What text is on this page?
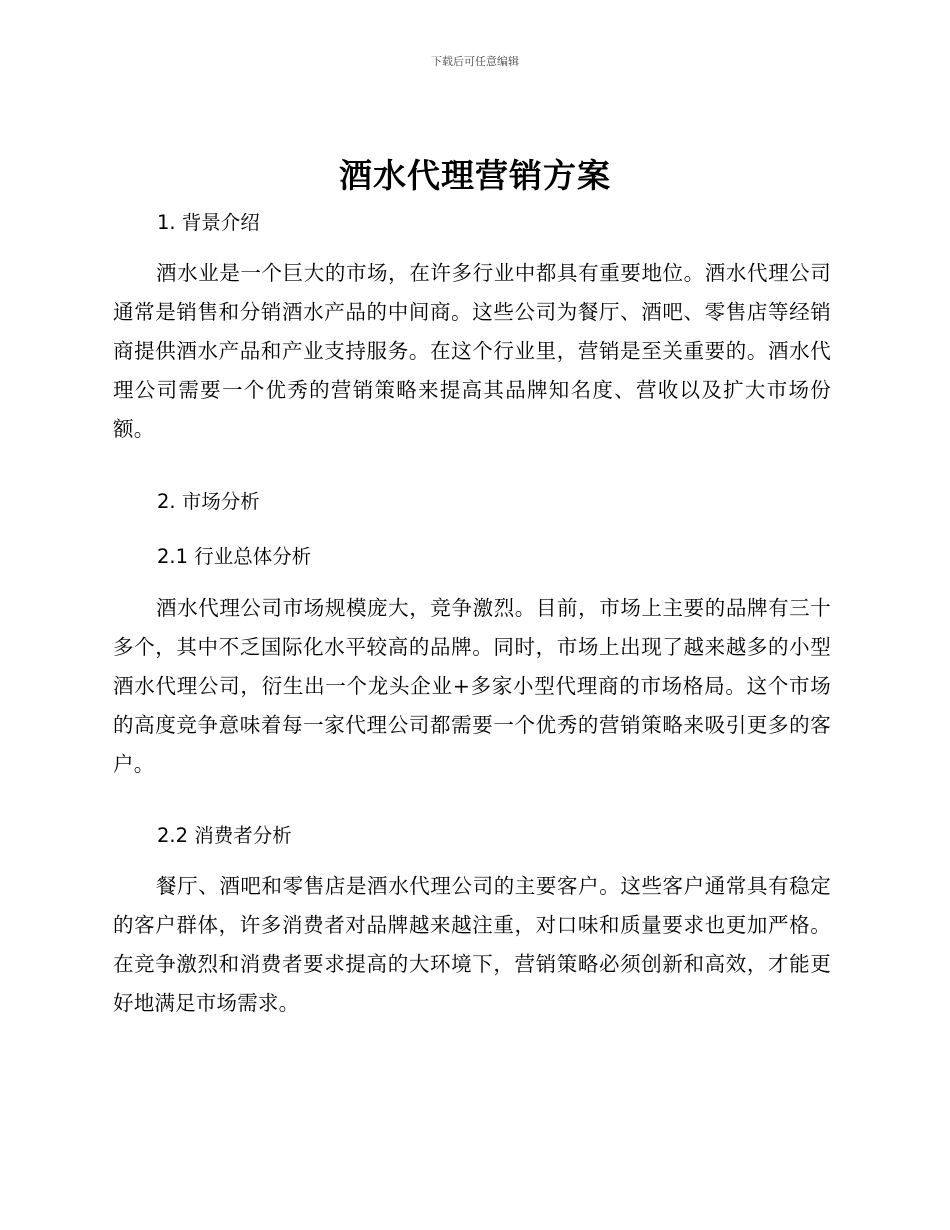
下载后可任意编辑
酒水代理营销方案
1. 背景介绍

酒水业是一个巨大的市场，在许多行业中都具有重要地位。酒水代理公司通常是销售和分销酒水产品的中间商。这些公司为餐厅、酒吧、零售店等经销商提供酒水产品和产业支持服务。在这个行业里，营销是至关重要的。酒水代理公司需要一个优秀的营销策略来提高其品牌知名度、营收以及扩大市场份额。

2. 市场分析
2.1 行业总体分析

酒水代理公司市场规模庞大，竞争激烈。目前，市场上主要的品牌有三十多个，其中不乏国际化水平较高的品牌。同时，市场上出现了越来越多的小型酒水代理公司，衍生出一个龙头企业+多家小型代理商的市场格局。这个市场的高度竞争意味着每一家代理公司都需要一个优秀的营销策略来吸引更多的客户。

2.2 消费者分析

餐厅、酒吧和零售店是酒水代理公司的主要客户。这些客户通常具有稳定的客户群体，许多消费者对品牌越来越注重，对口味和质量要求也更加严格。在竞争激烈和消费者要求提高的大环境下，营销策略必须创新和高效，才能更好地满足市场需求。
